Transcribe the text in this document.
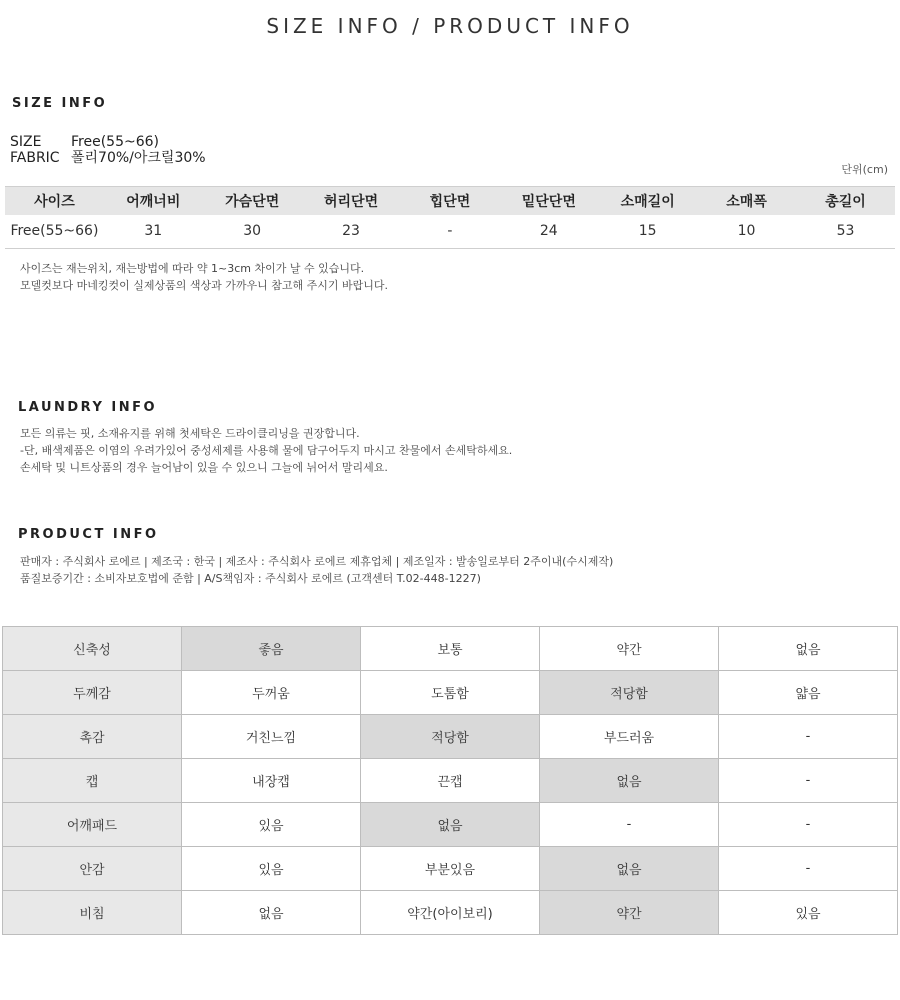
SIZE INFO / PRODUCT INFO
SIZE INFO
SIZE Free(55~66)
FABRIC 폴리70%/아크릴30%
단위(cm)
사이즈	어깨너비	가슴단면	허리단면	힙단면	밑단단면	소매길이	소매폭	총길이
Free(55~66)	31	30	23	-	24	15	10	53
사이즈는 재는위치, 재는방법에 따라 약 1~3cm 차이가 날 수 있습니다.
모델컷보다 마네킹컷이 실제상품의 색상과 가까우니 참고해 주시기 바랍니다.
LAUNDRY INFO
모든 의류는 핏, 소재유지를 위해 첫세탁은 드라이클리닝을 권장합니다.
-단, 배색제품은 이염의 우려가있어 중성세제를 사용해 물에 담구어두지 마시고 찬물에서 손세탁하세요.
손세탁 및 니트상품의 경우 늘어남이 있을 수 있으니 그늘에 뉘어서 말리세요.
PRODUCT INFO
판매자 : 주식회사 로에르 | 제조국 : 한국 | 제조사 : 주식회사 로에르 제휴업체 | 제조일자 : 발송일로부터 2주이내(수시제작)
품질보증기간 : 소비자보호법에 준함 | A/S책임자 : 주식회사 로에르 (고객센터 T.02-448-1227)
신축성	좋음	보통	약간	없음
두께감	두꺼움	도톰함	적당함	얇음
촉감	거친느낌	적당함	부드러움	-
캡	내장캡	끈캡	없음	-
어깨패드	있음	없음	-	-
안감	있음	부분있음	없음	-
비침	없음	약간(아이보리)	약간	있음
